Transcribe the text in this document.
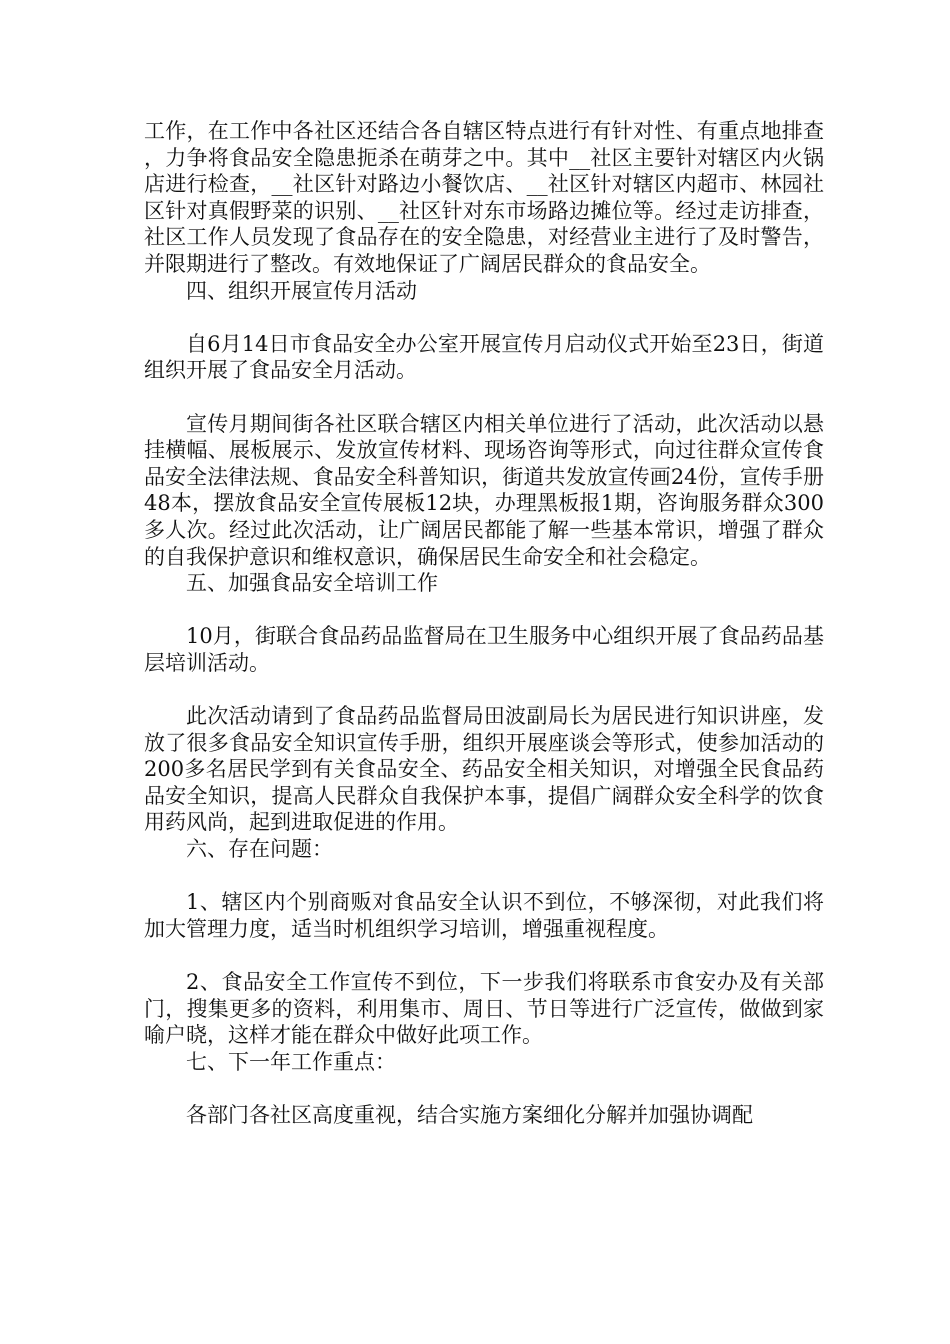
工作，在工作中各社区还结合各自辖区特点进行有针对性、有重点地排查，力争将食品安全隐患扼杀在萌芽之中。其中__社区主要针对辖区内火锅店进行检查，__社区针对路边小餐饮店、__社区针对辖区内超市、林园社区针对真假野菜的识别、__社区针对东市场路边摊位等。经过走访排查，社区工作人员发现了食品存在的安全隐患，对经营业主进行了及时警告，并限期进行了整改。有效地保证了广阔居民群众的食品安全。

四、组织开展宣传月活动

自6月14日市食品安全办公室开展宣传月启动仪式开始至23日，街道组织开展了食品安全月活动。

宣传月期间街各社区联合辖区内相关单位进行了活动，此次活动以悬挂横幅、展板展示、发放宣传材料、现场咨询等形式，向过往群众宣传食品安全法律法规、食品安全科普知识，街道共发放宣传画24份，宣传手册48本，摆放食品安全宣传展板12块，办理黑板报1期，咨询服务群众300多人次。经过此次活动，让广阔居民都能了解一些基本常识，增强了群众的自我保护意识和维权意识，确保居民生命安全和社会稳定。

五、加强食品安全培训工作

10月，街联合食品药品监督局在卫生服务中心组织开展了食品药品基层培训活动。

此次活动请到了食品药品监督局田波副局长为居民进行知识讲座，发放了很多食品安全知识宣传手册，组织开展座谈会等形式，使参加活动的200多名居民学到有关食品安全、药品安全相关知识，对增强全民食品药品安全知识，提高人民群众自我保护本事，提倡广阔群众安全科学的饮食用药风尚，起到进取促进的作用。

六、存在问题：

1、辖区内个别商贩对食品安全认识不到位，不够深彻，对此我们将加大管理力度，适当时机组织学习培训，增强重视程度。

2、食品安全工作宣传不到位，下一步我们将联系市食安办及有关部门，搜集更多的资料，利用集市、周日、节日等进行广泛宣传，做做到家喻户晓，这样才能在群众中做好此项工作。

七、下一年工作重点：

各部门各社区高度重视，结合实施方案细化分解并加强协调配
